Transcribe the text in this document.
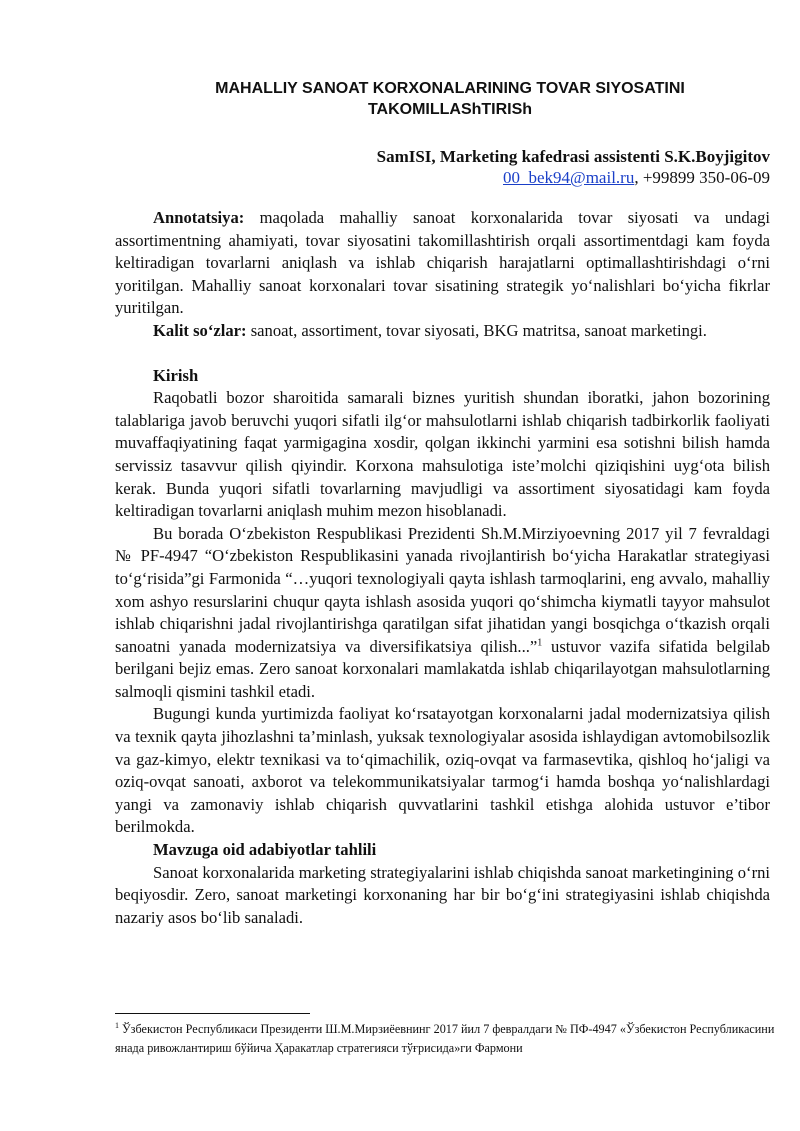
MAHALLIY SANOAT KORXONALARINING TOVAR SIYOSATINI
TAKOMILLAShTIRISh
SamISI, Marketing kafedrasi assistenti S.K.Boyjigitov
00_bek94@mail.ru, +99899 350-06-09

Annotatsiya: maqolada mahalliy sanoat korxonalarida tovar siyosati va undagi assortimentning ahamiyati, tovar siyosatini takomillashtirish orqali assortimentdagi kam foyda keltiradigan tovarlarni aniqlash va ishlab chiqarish harajatlarni optimallashtirishdagi o‘rni yoritilgan. Mahalliy sanoat korxonalari tovar sisatining strategik yo‘nalishlari bo‘yicha fikrlar yuritilgan.

Kalit so‘zlar: sanoat, assortiment, tovar siyosati, BKG matritsa, sanoat marketingi.

Kirish

Raqobatli bozor sharoitida samarali biznes yuritish shundan iboratki, jahon bozorining talablariga javob beruvchi yuqori sifatli ilg‘or mahsulotlarni ishlab chiqarish tadbirkorlik faoliyati muvaffaqiyatining faqat yarmigagina xosdir, qolgan ikkinchi yarmini esa sotishni bilish hamda servissiz tasavvur qilish qiyindir. Korxona mahsulotiga iste’molchi qiziqishini uyg‘ota bilish kerak. Bunda yuqori sifatli tovarlarning mavjudligi va assortiment siyosatidagi kam foyda keltiradigan tovarlarni aniqlash muhim mezon hisoblanadi.

Bu borada O‘zbekiston Respublikasi Prezidenti Sh.M.Mirziyoevning 2017 yil 7 fevraldagi № PF-4947 “O‘zbekiston Respublikasini yanada rivojlantirish bo‘yicha Harakatlar strategiyasi to‘g‘risida”gi Farmonida “…yuqori texnologiyali qayta ishlash tarmoqlarini, eng avvalo, mahalliy xom ashyo resurslarini chuqur qayta ishlash asosida yuqori qo‘shimcha kiymatli tayyor mahsulot ishlab chiqarishni jadal rivojlantirishga qaratilgan sifat jihatidan yangi bosqichga o‘tkazish orqali sanoatni yanada modernizatsiya va diversifikatsiya qilish...”$^1$ ustuvor vazifa sifatida belgilab berilgani bejiz emas. Zero sanoat korxonalari mamlakatda ishlab chiqarilayotgan mahsulotlarning salmoqli qismini tashkil etadi.

Bugungi kunda yurtimizda faoliyat ko‘rsatayotgan korxonalarni jadal modernizatsiya qilish va texnik qayta jihozlashni ta’minlash, yuksak texnologiyalar asosida ishlaydigan avtomobilsozlik va gaz-kimyo, elektr texnikasi va to‘qimachilik, oziq-ovqat va farmasevtika, qishloq ho‘jaligi va oziq-ovqat sanoati, axborot va telekommunikatsiyalar tarmog‘i hamda boshqa yo‘nalishlardagi yangi va zamonaviy ishlab chiqarish quvvatlarini tashkil etishga alohida ustuvor e’tibor berilmokda.

Mavzuga oid adabiyotlar tahlili

Sanoat korxonalarida marketing strategiyalarini ishlab chiqishda sanoat marketingining o‘rni beqiyosdir. Zero, sanoat marketingi korxonaning har bir bo‘g‘ini strategiyasini ishlab chiqishda nazariy asos bo‘lib sanaladi.

$^1$ Ўзбекистон Республикаси Президенти Ш.М.Мирзиёевнинг 2017 йил 7 февралдаги № ПФ-4947 «Ўзбекистон Республикасини янада ривожлантириш бўйича Ҳаракатлар стратегияси тўғрисида»ги Фармони
